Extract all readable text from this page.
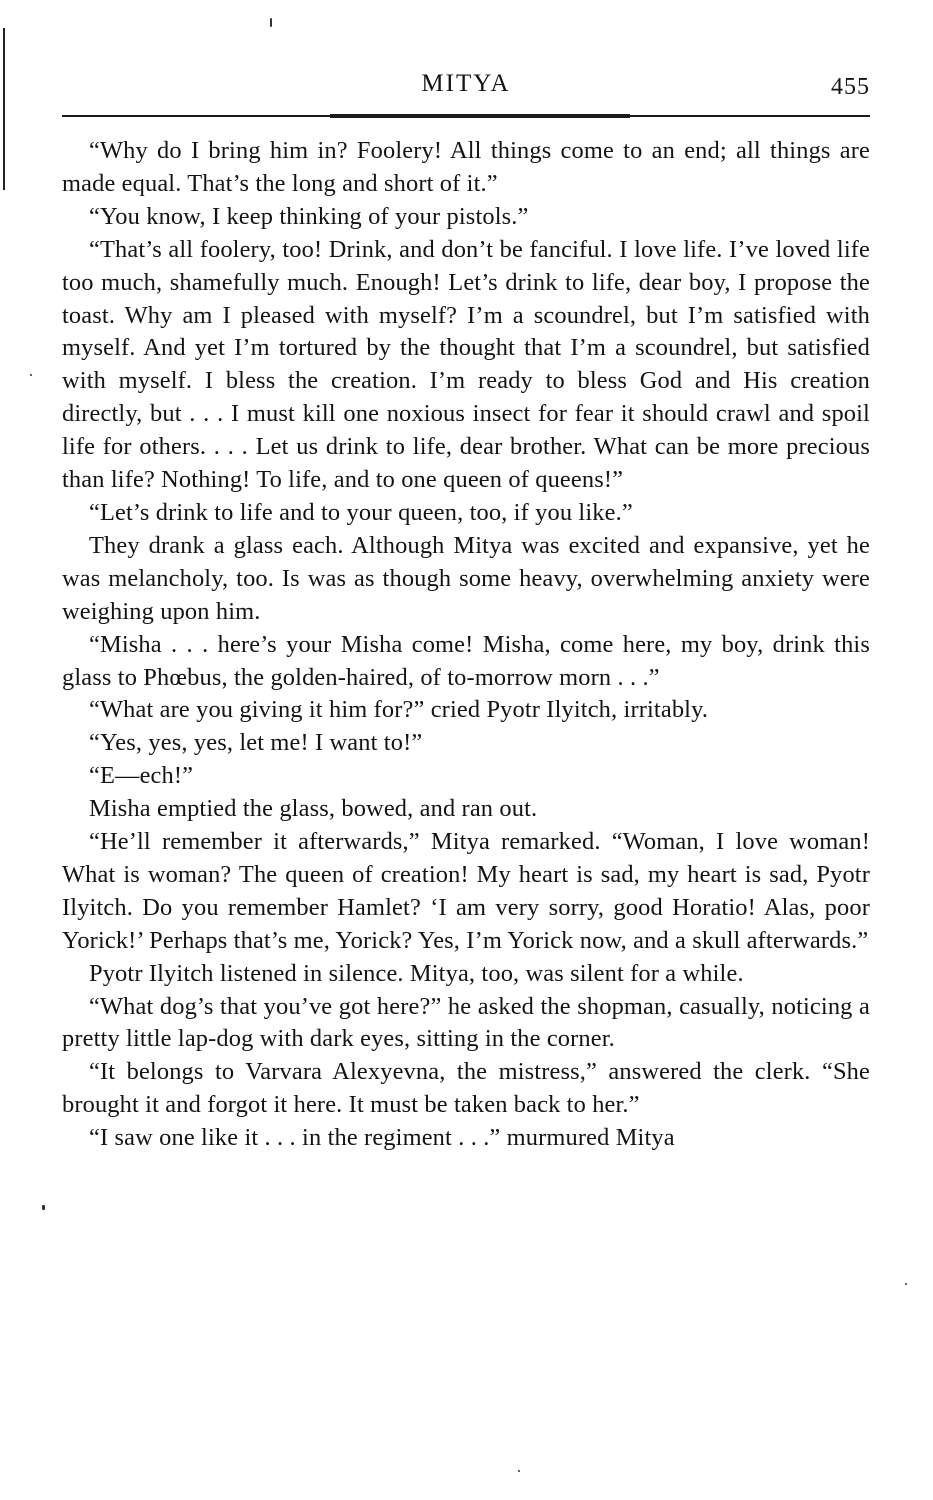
MITYA	455

“Why do I bring him in? Foolery! All things come to an end; all things are made equal. That’s the long and short of it.”

“You know, I keep thinking of your pistols.”

“That’s all foolery, too! Drink, and don’t be fanciful. I love life. I’ve loved life too much, shamefully much. Enough! Let’s drink to life, dear boy, I propose the toast. Why am I pleased with myself? I’m a scoundrel, but I’m satisfied with myself. And yet I’m tortured by the thought that I’m a scoundrel, but satisfied with myself. I bless the creation. I’m ready to bless God and His creation directly, but . . . I must kill one noxious insect for fear it should crawl and spoil life for others. . . . Let us drink to life, dear brother. What can be more precious than life? Nothing! To life, and to one queen of queens!”

“Let’s drink to life and to your queen, too, if you like.”

They drank a glass each. Although Mitya was excited and expansive, yet he was melancholy, too. Is was as though some heavy, overwhelming anxiety were weighing upon him.

“Misha . . . here’s your Misha come! Misha, come here, my boy, drink this glass to Phœbus, the golden-haired, of to-morrow morn . . .”

“What are you giving it him for?” cried Pyotr Ilyitch, irritably.

“Yes, yes, yes, let me! I want to!”

“E—ech!”

Misha emptied the glass, bowed, and ran out.

“He’ll remember it afterwards,” Mitya remarked. “Woman, I love woman! What is woman? The queen of creation! My heart is sad, my heart is sad, Pyotr Ilyitch. Do you remember Hamlet? ‘I am very sorry, good Horatio! Alas, poor Yorick!’ Perhaps that’s me, Yorick? Yes, I’m Yorick now, and a skull afterwards.”

Pyotr Ilyitch listened in silence. Mitya, too, was silent for a while.

“What dog’s that you’ve got here?” he asked the shopman, casually, noticing a pretty little lap-dog with dark eyes, sitting in the corner.

“It belongs to Varvara Alexyevna, the mistress,” answered the clerk. “She brought it and forgot it here. It must be taken back to her.”

“I saw one like it . . . in the regiment . . .” murmured Mitya
